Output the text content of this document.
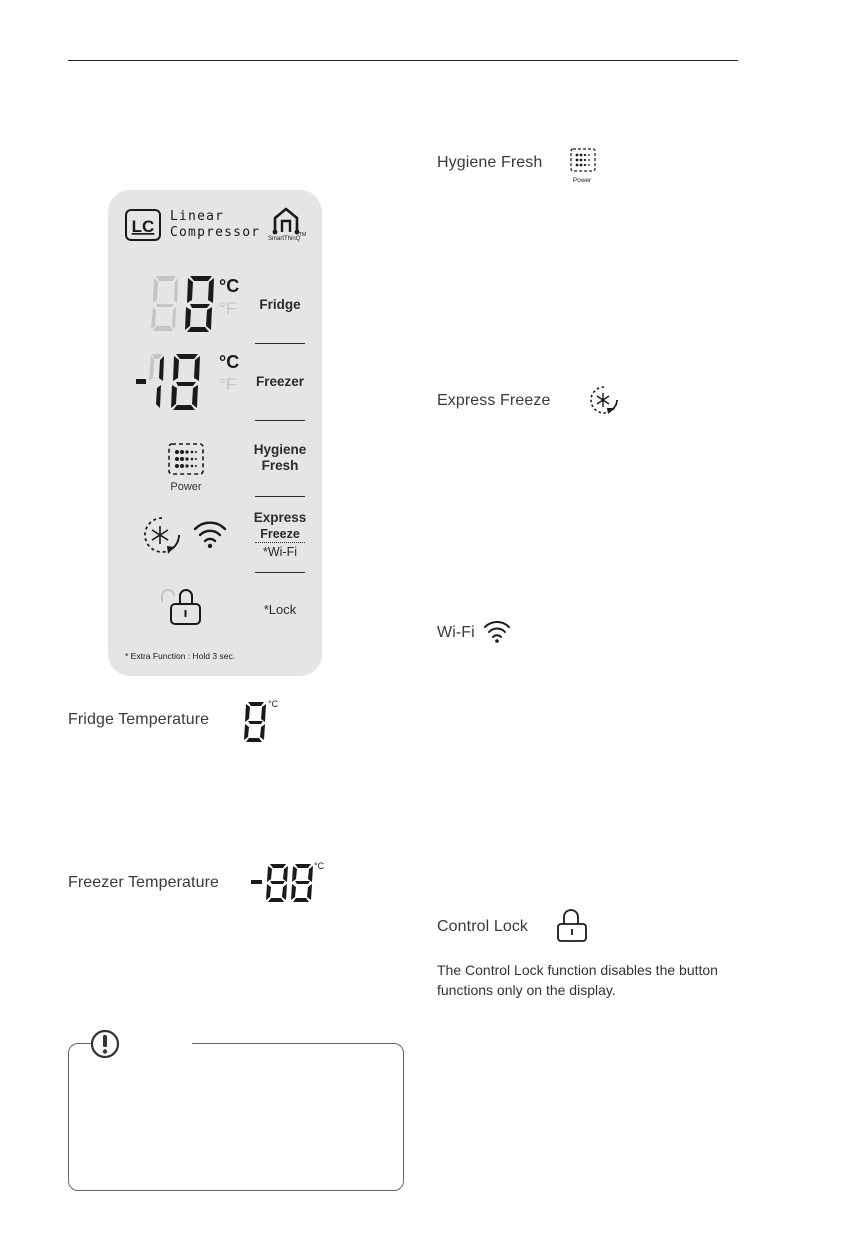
LC
Linear
Compressor SmartThinQ
TM
°C
°F	Fridge
°C
°F	Freezer
Power
Hygiene
Fresh
Express
Freeze
*Wi-Fi
*Lock
* Extra Function : Hold 3 sec.
Fridge Temperature
°C
Freezer Temperature
°C
Hygiene Fresh
Power
Express Freeze
Wi-Fi
Control Lock
The Control Lock function disables the button functions only on the display.
